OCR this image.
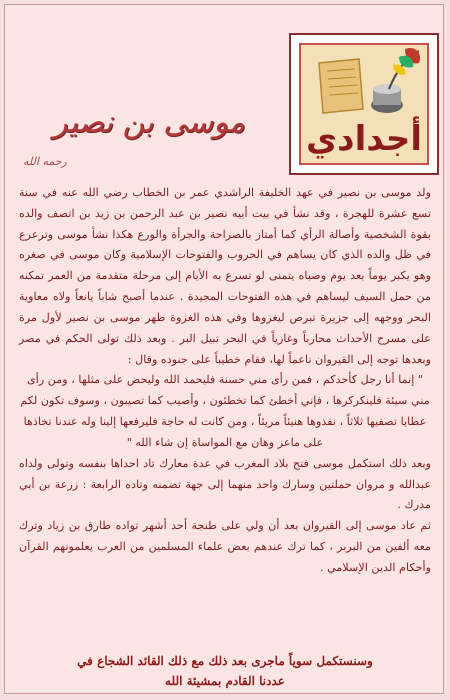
أجدادي
موسى بن نصير
رحمه الله

ولد موسى بن نصير في عهد الخليفة الراشدي عمر بن الخطاب رضي الله عنه في سنة تسع عشرة للهجرة ، وقد نشأ في بيت أبيه نصير بن عبد الرحمن بن زيد بن اتصف والده بقوة الشخصية وأصالة الرأي كما أمتاز بالصراحة والجرأة والورع هكذا نشأ موسى وترعرع في ظل والده الذي كان يساهم في الحروب والفتوحات الإسلامية وكان موسى في صغره وهو يكبر يوماً بعد يوم وصباه يتمنى لو تسرع به الأيام إلى مرحلة متقدمة من العمر تمكنه من حمل السيف ليساهم في هذه الفتوحات المجيدة . عندما أصبح شاباً يانعاً ولاه معاوية البحر ووجهه إلى جزيرة تبرص ليغزوها وفي هذه الغزوة ظهر موسى بن نصير لأول مرة على مسرح الأحداث محارباً وغازياً في البحر تبيل البر . وبعد ذلك تولى الحكم في مصر وبعدها توجه إلى القيروان ناعماً لها، فقام خطيباً على جنوده وقال :

" إنما أنا رجل كأحدكم ، فمن رأى مني حسنة فليحمد الله وليحض على مثلها ، ومن رأى مني سيئة فلينكركرها ، فإني أخطئ كما تخطئون ، وأصيب كما تصيبون ، وسوف تكون لكم عطايا تصفيها ثلاثاً ، نفذوها هنيئاً مريئاً ، ومن كانت له حاجة فليرفعها إلينا وله عندنا تخاذها على ماعز وهان مع المواساة إن شاء الله "

وبعد ذلك استكمل موسى فتح بلاد المغرب في عدة معارك تاد احداها بنفسه وتولى ولداه عبدالله و مروان حملتين وسارك واحد منهما إلى جهة تضمنه وتاده الرابعة : زرعة بن أبي مدرك .

ثم عاد موسى إلى القيروان بعد أن ولي على طنجة أحد أشهر تواده طارق بن زياد وترك معه ألفين من البربر ، كما ترك عندهم بعض علماء المسلمين من العرب يعلمونهم القرآن وأحكام الدين الإسلامي .

وسنستكمل سوياً ماجرى بعد ذلك مع ذلك القائد الشجاع في
عددنا القادم بمشيئة الله
